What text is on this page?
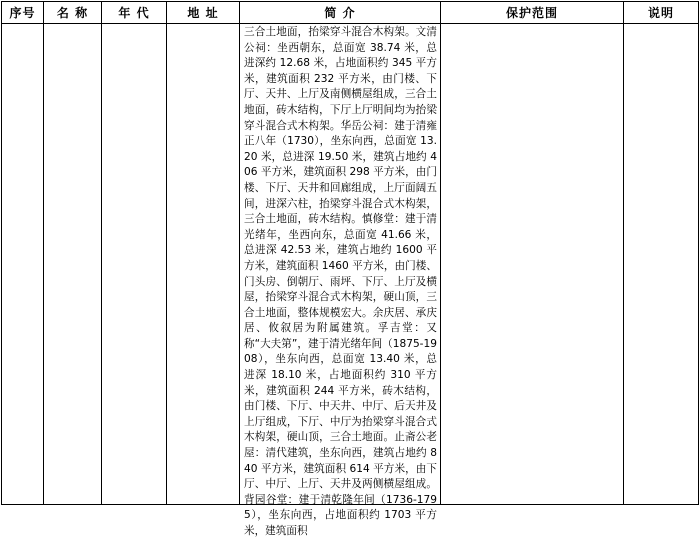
序号	名 称	年 代	地 址	简 介	保护范围	说明

				三合土地面，抬梁穿斗混合木构架。文清公祠：坐西朝东，总面宽 38.74 米，总进深约 12.68 米，占地面积约 345 平方米，建筑面积 232 平方米，由门楼、下厅、天井、上厅及南侧横屋组成，三合土地面，砖木结构，下厅上厅明间均为抬梁穿斗混合式木构架。华岳公祠：建于清雍正八年（1730），坐东向西，总面宽 13.20 米，总进深 19.50 米，建筑占地约 406 平方米，建筑面积 298 平方米，由门楼、下厅、天井和回廊组成，上厅面阔五间，进深六柱，抬梁穿斗混合式木构架，三合土地面，砖木结构。慎修堂：建于清光绪年，坐西向东，总面宽 41.66 米，总进深 42.53 米，建筑占地约 1600 平方米，建筑面积 1460 平方米，由门楼、门头房、倒朝厅、雨坪、下厅、上厅及横屋，抬梁穿斗混合式木构架，硬山顶，三合土地面，整体规模宏大。余庆居、承庆居、攸叙居为附属建筑。孚吉堂：又称“大夫第”，建于清光绪年间（1875-1908），坐东向西，总面宽 13.40 米，总进深 18.10 米，占地面积约 310 平方米，建筑面积 244 平方米，砖木结构，由门楼、下厅、中天井、中厅、后天井及上厅组成，下厅、中厅为抬梁穿斗混合式木构架，硬山顶，三合土地面。止斋公老屋：清代建筑，坐东向西，建筑占地约 840 平方米，建筑面积 614 平方米，由下厅、中厅、上厅、天井及两侧横屋组成。背园谷堂：建于清乾隆年间（1736-1795），坐东向西，占地面积约 1703 平方米，建筑面积		
